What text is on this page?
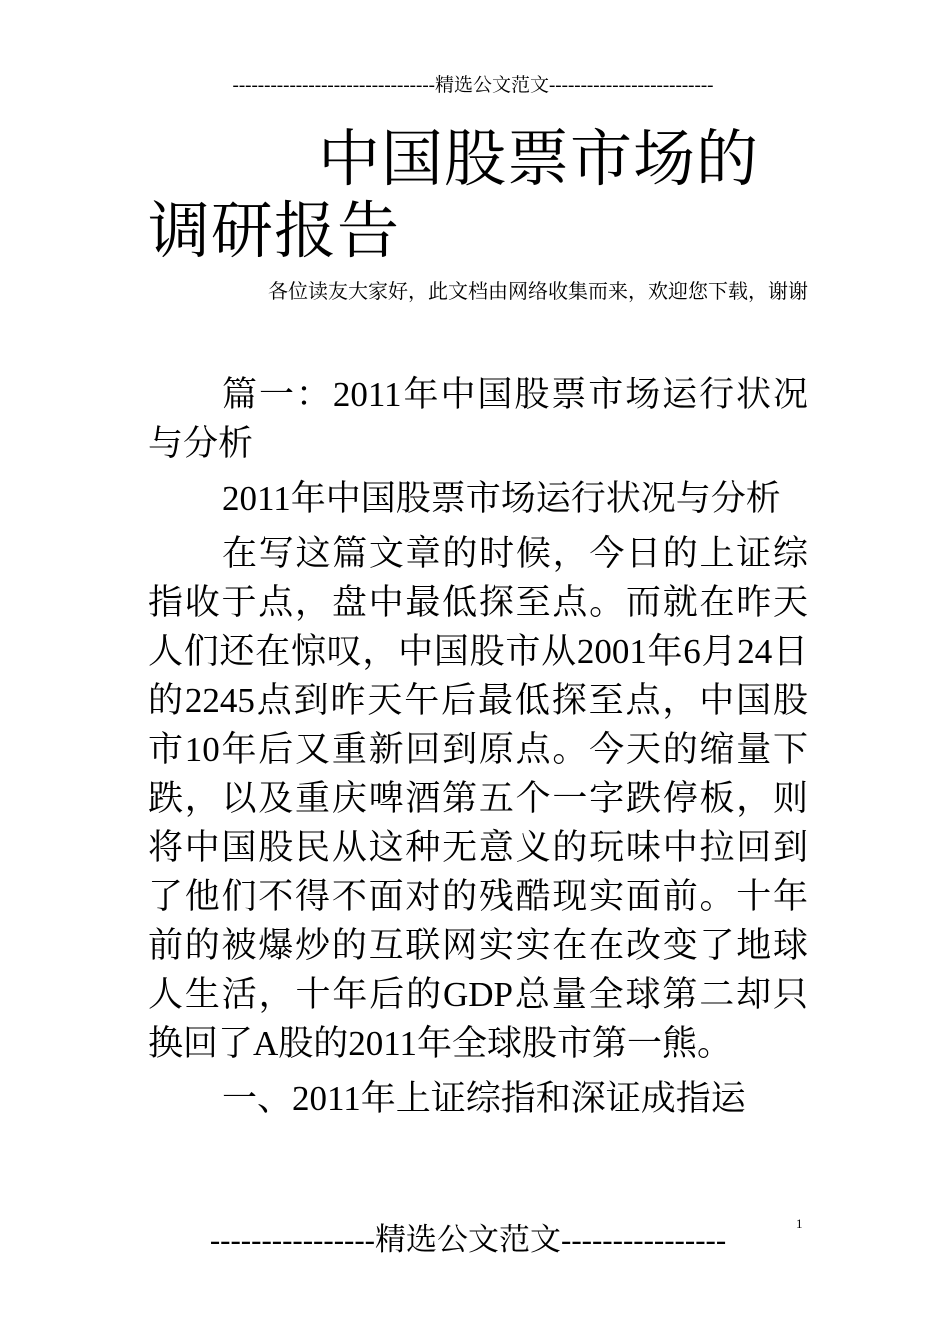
--------------------------------精选公文范文--------------------------
中国股票市场的调研报告
各位读友大家好，此文档由网络收集而来，欢迎您下载，谢谢

篇一：2011年中国股票市场运行状况与分析

2011年中国股票市场运行状况与分析

在写这篇文章的时候，今日的上证综指收于点，盘中最低探至点。而就在昨天人们还在惊叹，中国股市从2001年6月24日的2245点到昨天午后最低探至点，中国股市10年后又重新回到原点。今天的缩量下跌，以及重庆啤酒第五个一字跌停板，则将中国股民从这种无意义的玩味中拉回到了他们不得不面对的残酷现实面前。十年前的被爆炒的互联网实实在在改变了地球人生活，十年后的GDP总量全球第二却只换回了A股的2011年全球股市第一熊。

一、2011年上证综指和深证成指运

----------------精选公文范文----------------	1
